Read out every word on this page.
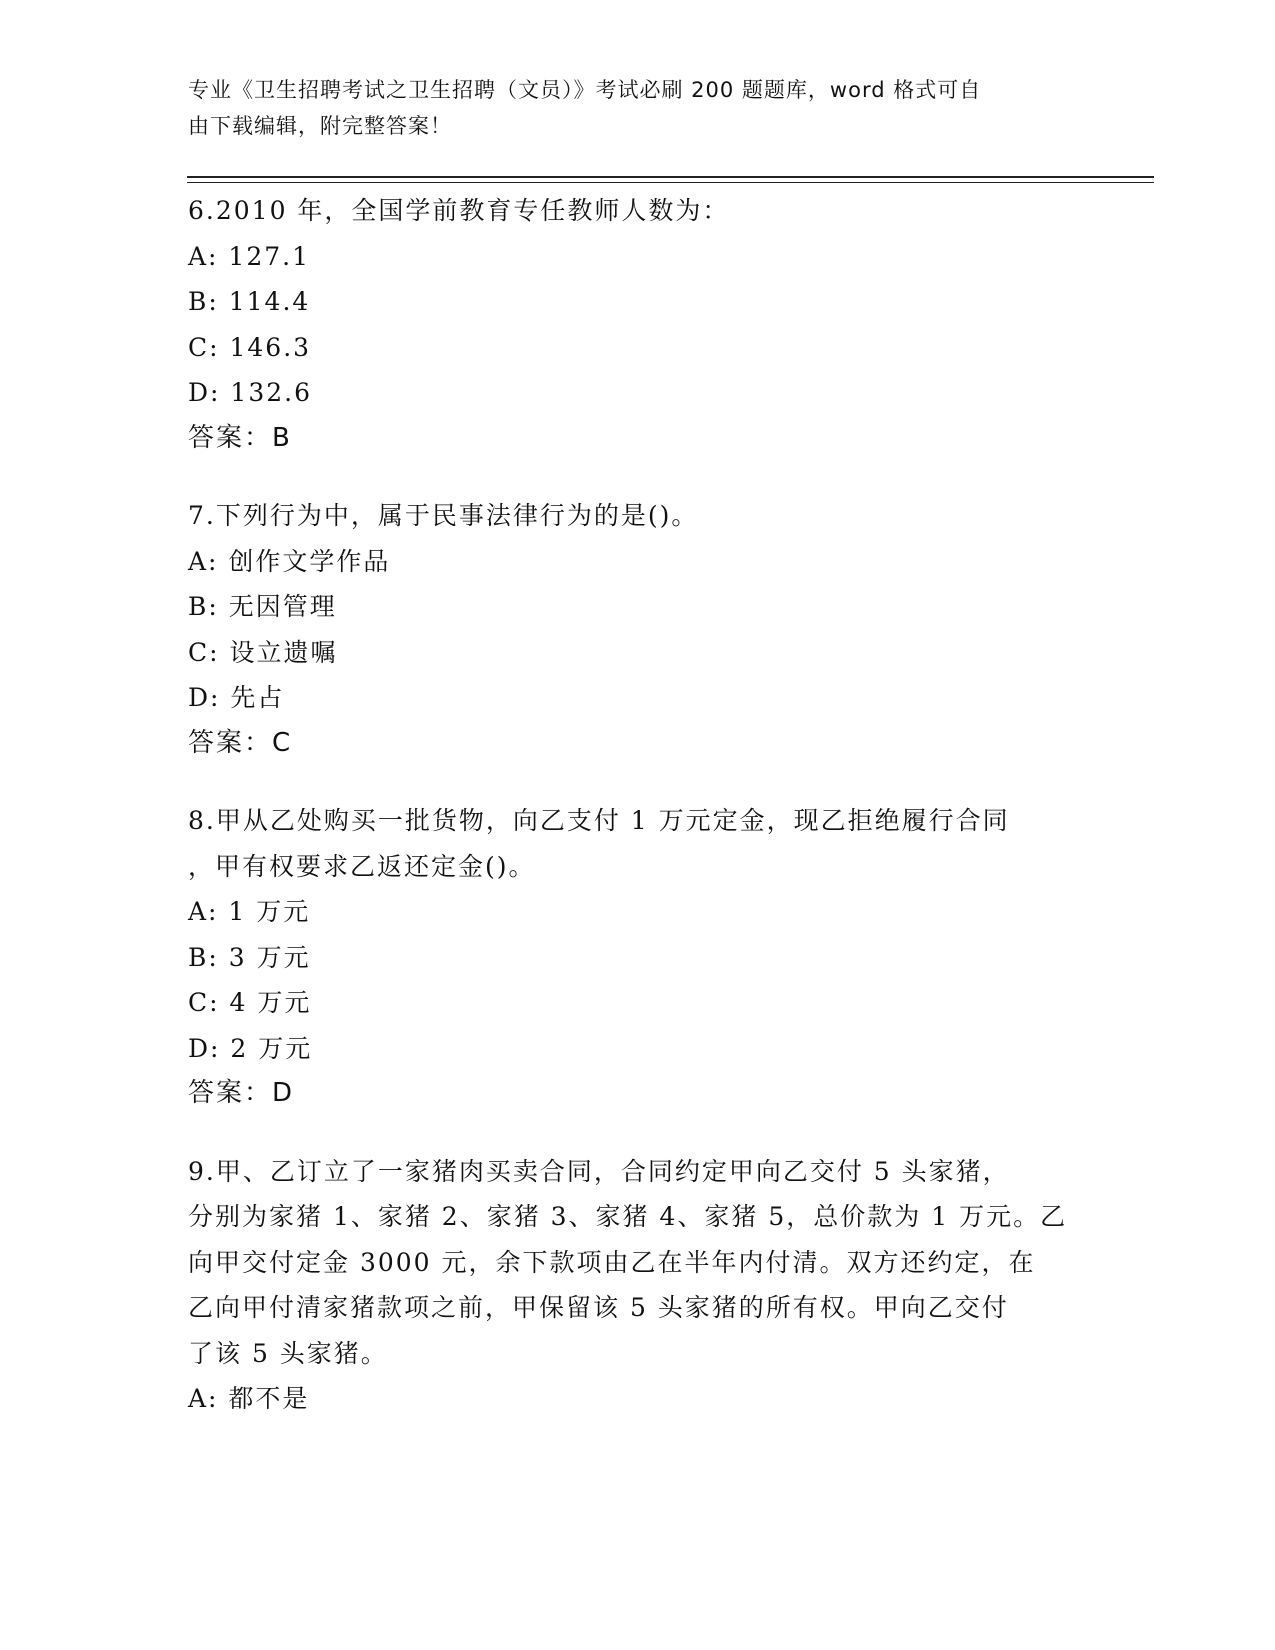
专业《卫生招聘考试之卫生招聘（文员）》考试必刷 200 题题库，word 格式可自
由下载编辑，附完整答案！
6.2010 年，全国学前教育专任教师人数为：
A: 127.1
B: 114.4
C: 146.3
D: 132.6
答案：B
7.下列行为中，属于民事法律行为的是()。
A: 创作文学作品
B: 无因管理
C: 设立遗嘱
D: 先占
答案：C
8.甲从乙处购买一批货物，向乙支付 1 万元定金，现乙拒绝履行合同
，甲有权要求乙返还定金()。
A: 1 万元
B: 3 万元
C: 4 万元
D: 2 万元
答案：D
9.甲、乙订立了一家猪肉买卖合同，合同约定甲向乙交付 5 头家猪，
分别为家猪 1、家猪 2、家猪 3、家猪 4、家猪 5，总价款为 1 万元。乙
向甲交付定金 3000 元，余下款项由乙在半年内付清。双方还约定，在
乙向甲付清家猪款项之前，甲保留该 5 头家猪的所有权。甲向乙交付
了该 5 头家猪。
A: 都不是
